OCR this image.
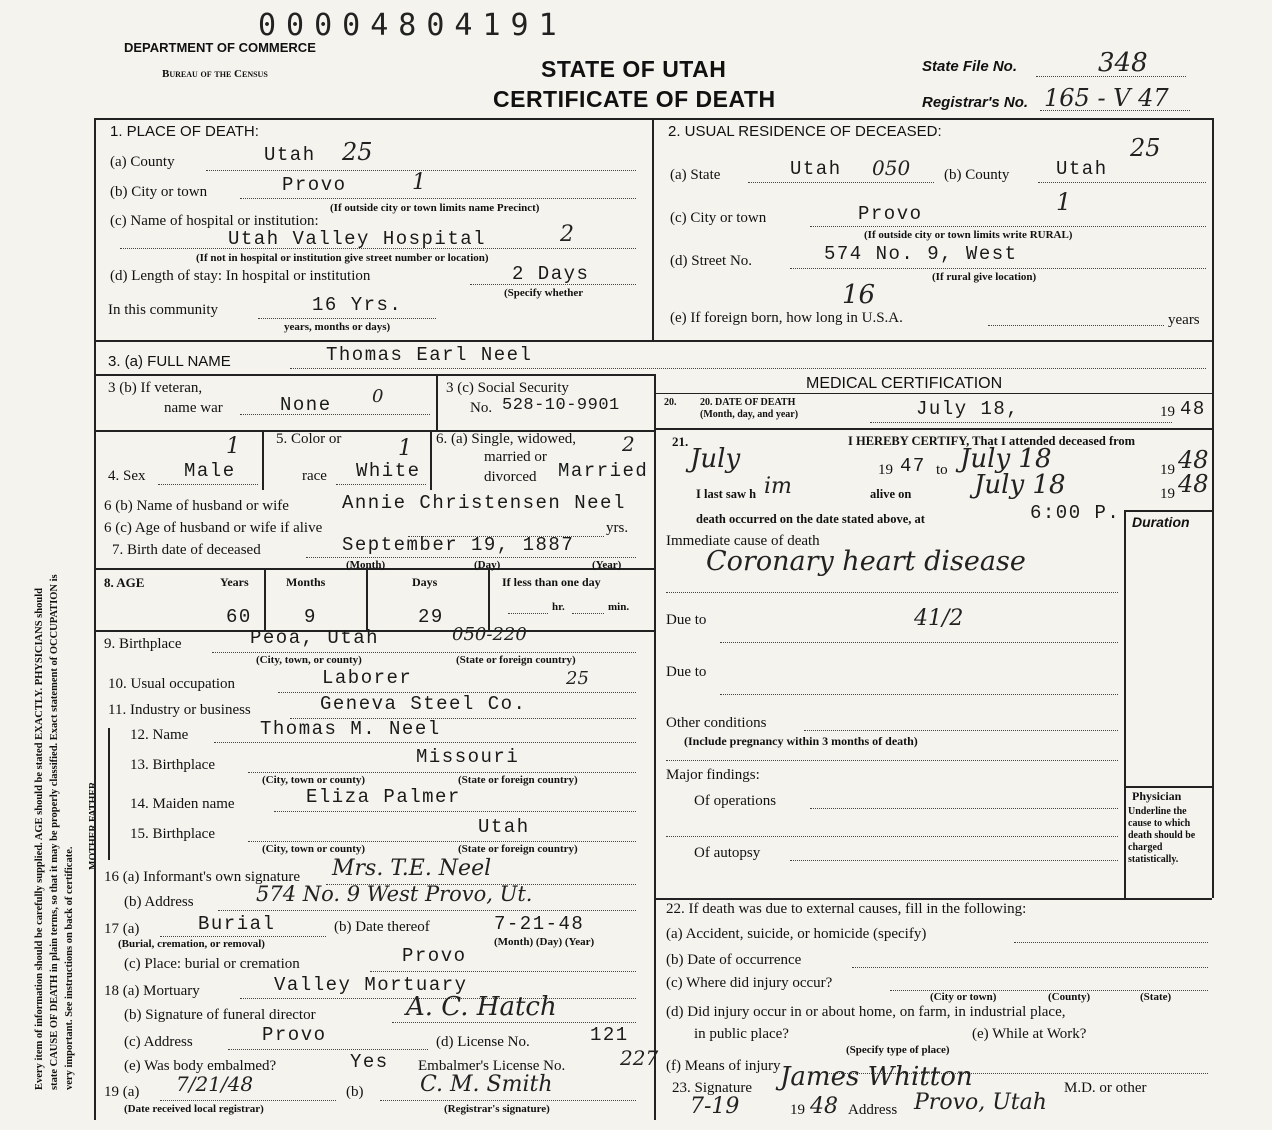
Every item of information should be carefully supplied. AGE should be stated EXACTLY. PHYSICIANS should state CAUSE OF DEATH in plain terms, so that it may be properly classified. Exact statement of OCCUPATION is very important. See instructions on back of certificate.
MOTHER FATHER
00004804191
DEPARTMENT OF COMMERCE
Bureau of the Census	STATE OF UTAH
CERTIFICATE OF DEATH
State File No.	348
Registrar's No. 165 - V 47
1. PLACE OF DEATH:
(a) County	Utah 25
(b) City or town	Provo	1
(If outside city or town limits name Precinct)
(c) Name of hospital or institution:
Utah Valley Hospital	2
(If not in hospital or institution give street number or location)
(d) Length of stay: In hospital or institution	2 Days
(Specify whether
In this community	16 Yrs.
years, months or days)
2. USUAL RESIDENCE OF DECEASED:
(a) State	Utah 050 (b) County Utah
25
(c) City or town	Provo	1
(If outside city or town limits write RURAL)
(d) Street No.	574 No. 9, West
(If rural give location)
(e) If foreign born, how long in U.S.A.	years
16
3. (a) FULL NAME	Thomas Earl Neel
3 (b) If veteran,
name war	None 0	3 (c) Social Security
No. 528-10-9901
4. Sex Male
1 5. Color or
race White
1 6. (a) Single, widowed,
married or
divorced Married
2
6 (b) Name of husband or wife	Annie Christensen Neel
6 (c) Age of husband or wife if alive	yrs.
7. Birth date of deceased	September 19, 1887
(Month)	(Day)	(Year)
8. AGE	Years	Months	Days	If less than one day
60	9	29	hr.	min.
9. Birthplace	Peoa, Utah	050-220
(City, town, or county)	(State or foreign country)
10. Usual occupation	Laborer	25
11. Industry or business	Geneva Steel Co.
12. Name	Thomas M. Neel
13. Birthplace	Missouri
(City, town or county)	(State or foreign country)
14. Maiden name	Eliza Palmer
15. Birthplace	Utah
(City, town or county)	(State or foreign country)
16 (a) Informant's own signature Mrs. T.E. Neel
(b) Address	574 No. 9 West Provo, Ut.
17 (a)	Burial
(Burial, cremation, or removal)
(b) Date thereof	7-21-48
(Month) (Day) (Year)
(c) Place: burial or cremation	Provo
18 (a) Mortuary	Valley Mortuary
(b) Signature of funeral director	A. C. Hatch
(c) Address	Provo	(d) License No.	121
(e) Was body embalmed?	Yes Embalmer's License No.	227
19 (a) 7/21/48
(Date received local registrar)
(b)	C. M. Smith
(Registrar's signature)
MEDICAL CERTIFICATION
20. 20. DATE OF DEATH
(Month, day, and year)	July 18,	19 48
21.	I HEREBY CERTIFY, That I attended deceased from
July	19 47 to July 18	19 48
I last saw h im	alive on July 18	19 48
death occurred on the date stated above, at	6:00 P. Duration
Immediate cause of death
Coronary heart disease
Due to	41/2
Due to
Other conditions
(Include pregnancy within 3 months of death)
Major findings:
Of operations
Of autopsy
Physician
Underline the cause to which death should be charged statistically.
22. If death was due to external causes, fill in the following:
(a) Accident, suicide, or homicide (specify)
(b) Date of occurrence
(c) Where did injury occur?
(City or town)	(County)	(State)
(d) Did injury occur in or about home, on farm, in industrial place,
in public place?
(Specify type of place)
(e) While at Work?
(f) Means of injury
23. Signature James Whitton	M.D. or other
7-19	19 48 Address Provo, Utah
